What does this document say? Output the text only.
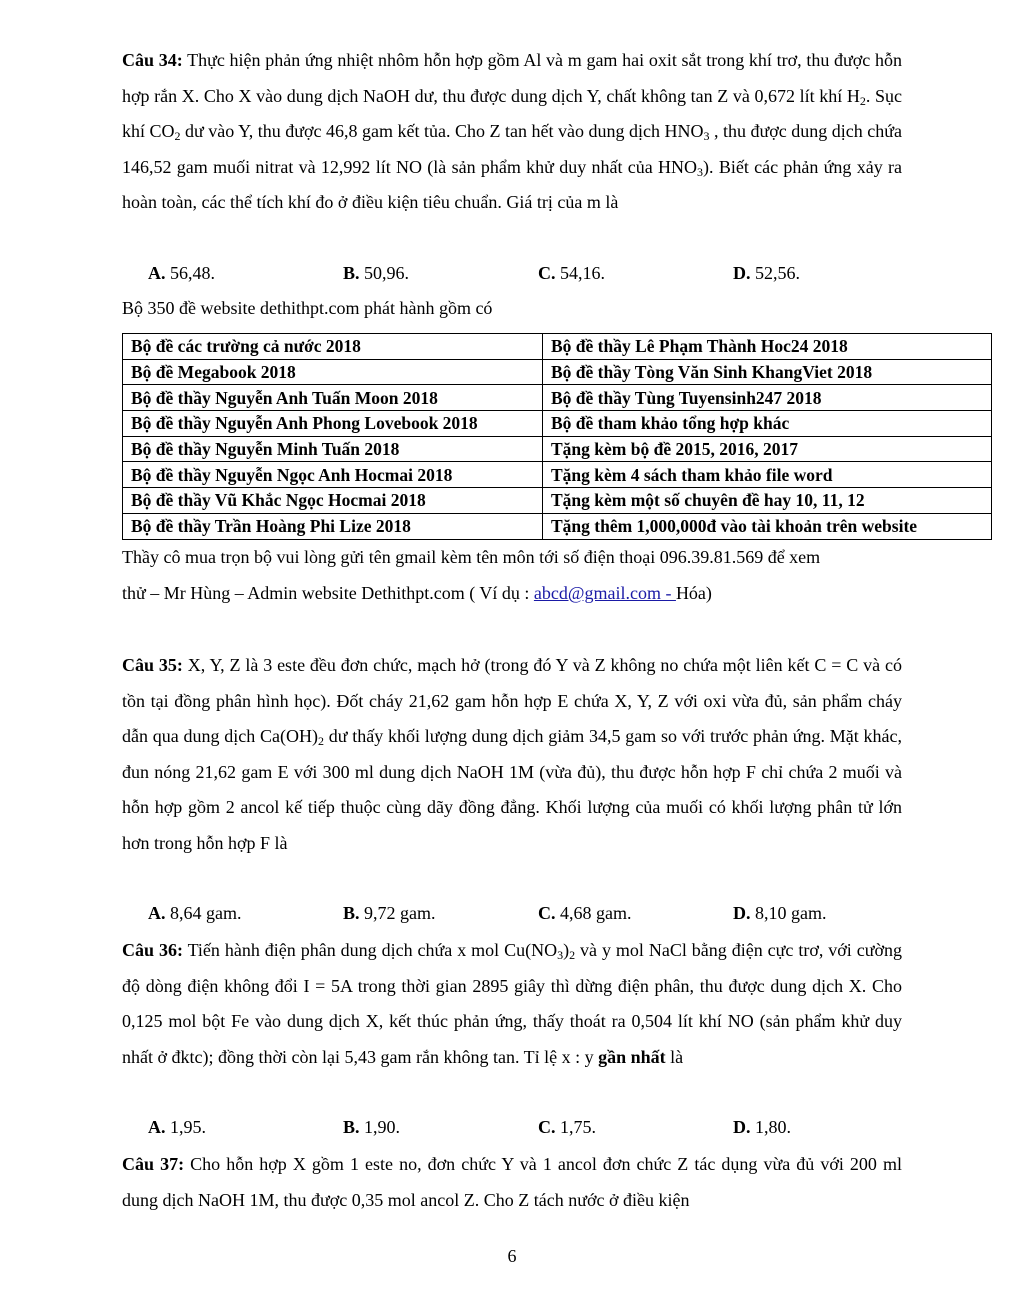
Câu 34: Thực hiện phản ứng nhiệt nhôm hỗn hợp gồm Al và m gam hai oxit sắt trong khí trơ, thu được hỗn hợp rắn X. Cho X vào dung dịch NaOH dư, thu được dung dịch Y, chất không tan Z và 0,672 lít khí $H_2$. Sục khí $CO_2$ dư vào Y, thu được 46,8 gam kết tủa. Cho Z tan hết vào dung dịch $HNO_3$ , thu được dung dịch chứa 146,52 gam muối nitrat và 12,992 lít NO (là sản phẩm khử duy nhất của $HNO_3$). Biết các phản ứng xảy ra hoàn toàn, các thể tích khí đo ở điều kiện tiêu chuẩn. Giá trị của m là
A. 56,48.	B. 50,96.	C. 54,16.	D. 52,56.
Bộ 350 đề website dethithpt.com phát hành gồm có
Bộ đề các trường cả nước 2018	Bộ đề thầy Lê Phạm Thành Hoc24 2018
Bộ đề Megabook 2018	Bộ đề thầy Tòng Văn Sinh KhangViet 2018
Bộ đề thầy Nguyễn Anh Tuấn Moon 2018	Bộ đề thầy Tùng Tuyensinh247 2018
Bộ đề thầy Nguyễn Anh Phong Lovebook 2018	Bộ đề tham khảo tổng hợp khác
Bộ đề thầy Nguyễn Minh Tuấn 2018	Tặng kèm bộ đề 2015, 2016, 2017
Bộ đề thầy Nguyễn Ngọc Anh Hocmai 2018	Tặng kèm 4 sách tham khảo file word
Bộ đề thầy Vũ Khắc Ngọc Hocmai 2018	Tặng kèm một số chuyên đề hay 10, 11, 12
Bộ đề thầy Trần Hoàng Phi Lize 2018	Tặng thêm 1,000,000đ vào tài khoản trên website
Thầy cô mua trọn bộ vui lòng gửi tên gmail kèm tên môn tới số điện thoại 096.39.81.569 để xem
thử – Mr Hùng – Admin website Dethithpt.com ( Ví dụ : abcd@gmail.com - Hóa)
Câu 35: X, Y, Z là 3 este đều đơn chức, mạch hở (trong đó Y và Z không no chứa một liên kết C = C và có tồn tại đồng phân hình học). Đốt cháy 21,62 gam hỗn hợp E chứa X, Y, Z với oxi vừa đủ, sản phẩm cháy dẫn qua dung dịch $Ca(OH)_2$ dư thấy khối lượng dung dịch giảm 34,5 gam so với trước phản ứng. Mặt khác, đun nóng 21,62 gam E với 300 ml dung dịch NaOH 1M (vừa đủ), thu được hỗn hợp F chỉ chứa 2 muối và hỗn hợp gồm 2 ancol kế tiếp thuộc cùng dãy đồng đẳng. Khối lượng của muối có khối lượng phân tử lớn hơn trong hỗn hợp F là
A. 8,64 gam.	B. 9,72 gam.	C. 4,68 gam.	D. 8,10 gam.
Câu 36: Tiến hành điện phân dung dịch chứa x mol $Cu(NO_3)_2$ và y mol NaCl bằng điện cực trơ, với cường độ dòng điện không đổi I = 5A trong thời gian 2895 giây thì dừng điện phân, thu được dung dịch X. Cho 0,125 mol bột Fe vào dung dịch X, kết thúc phản ứng, thấy thoát ra 0,504 lít khí NO (sản phẩm khử duy nhất ở đktc); đồng thời còn lại 5,43 gam rắn không tan. Tỉ lệ x : y gần nhất là
A. 1,95.	B. 1,90.	C. 1,75.	D. 1,80.
Câu 37: Cho hỗn hợp X gồm 1 este no, đơn chức Y và 1 ancol đơn chức Z tác dụng vừa đủ với 200 ml dung dịch NaOH 1M, thu được 0,35 mol ancol Z. Cho Z tách nước ở điều kiện
6
